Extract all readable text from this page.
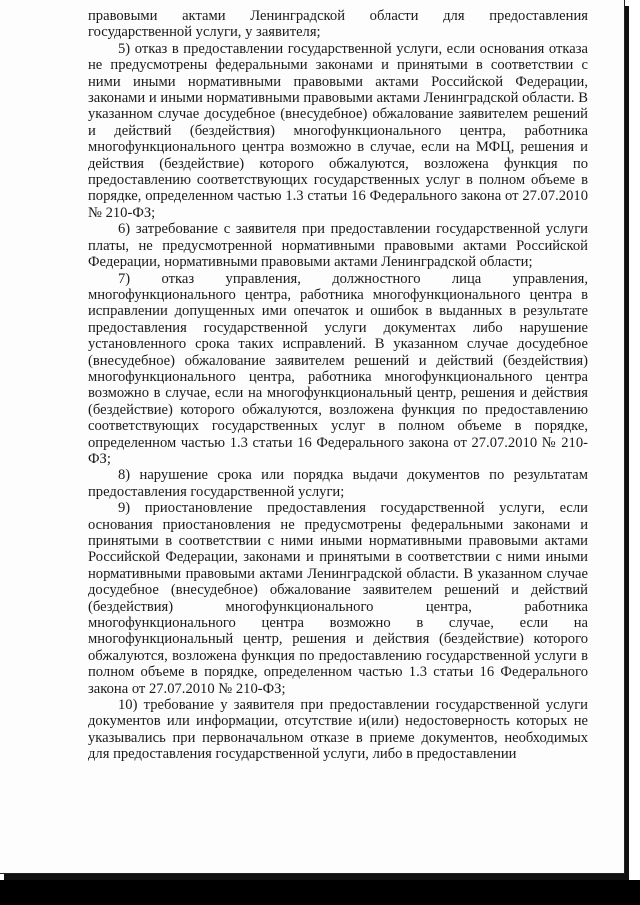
правовыми актами Ленинградской области для предоставления государственной услуги, у заявителя;

5) отказ в предоставлении государственной услуги, если основания отказа не предусмотрены федеральными законами и принятыми в соответствии с ними иными нормативными правовыми актами Российской Федерации, законами и иными нормативными правовыми актами Ленинградской области. В указанном случае досудебное (внесудебное) обжалование заявителем решений и действий (бездействия) многофункционального центра, работника многофункционального центра возможно в случае, если на МФЦ, решения и действия (бездействие) которого обжалуются, возложена функция по предоставлению соответствующих государственных услуг в полном объеме в порядке, определенном частью 1.3 статьи 16 Федерального закона от 27.07.2010 № 210-ФЗ;

6) затребование с заявителя при предоставлении государственной услуги платы, не предусмотренной нормативными правовыми актами Российской Федерации, нормативными правовыми актами Ленинградской области;

7) отказ управления, должностного лица управления, многофункционального центра, работника многофункционального центра в исправлении допущенных ими опечаток и ошибок в выданных в результате предоставления государственной услуги документах либо нарушение установленного срока таких исправлений. В указанном случае досудебное (внесудебное) обжалование заявителем решений и действий (бездействия) многофункционального центра, работника многофункционального центра возможно в случае, если на многофункциональный центр, решения и действия (бездействие) которого обжалуются, возложена функция по предоставлению соответствующих государственных услуг в полном объеме в порядке, определенном частью 1.3 статьи 16 Федерального закона от 27.07.2010 № 210-ФЗ;

8) нарушение срока или порядка выдачи документов по результатам предоставления государственной услуги;

9) приостановление предоставления государственной услуги, если основания приостановления не предусмотрены федеральными законами и принятыми в соответствии с ними иными нормативными правовыми актами Российской Федерации, законами и принятыми в соответствии с ними иными нормативными правовыми актами Ленинградской области. В указанном случае досудебное (внесудебное) обжалование заявителем решений и действий (бездействия) многофункционального центра, работника многофункционального центра возможно в случае, если на многофункциональный центр, решения и действия (бездействие) которого обжалуются, возложена функция по предоставлению государственной услуги в полном объеме в порядке, определенном частью 1.3 статьи 16 Федерального закона от 27.07.2010 № 210-ФЗ;

10) требование у заявителя при предоставлении государственной услуги документов или информации, отсутствие и(или) недостоверность которых не указывались при первоначальном отказе в приеме документов, необходимых для предоставления государственной услуги, либо в предоставлении
